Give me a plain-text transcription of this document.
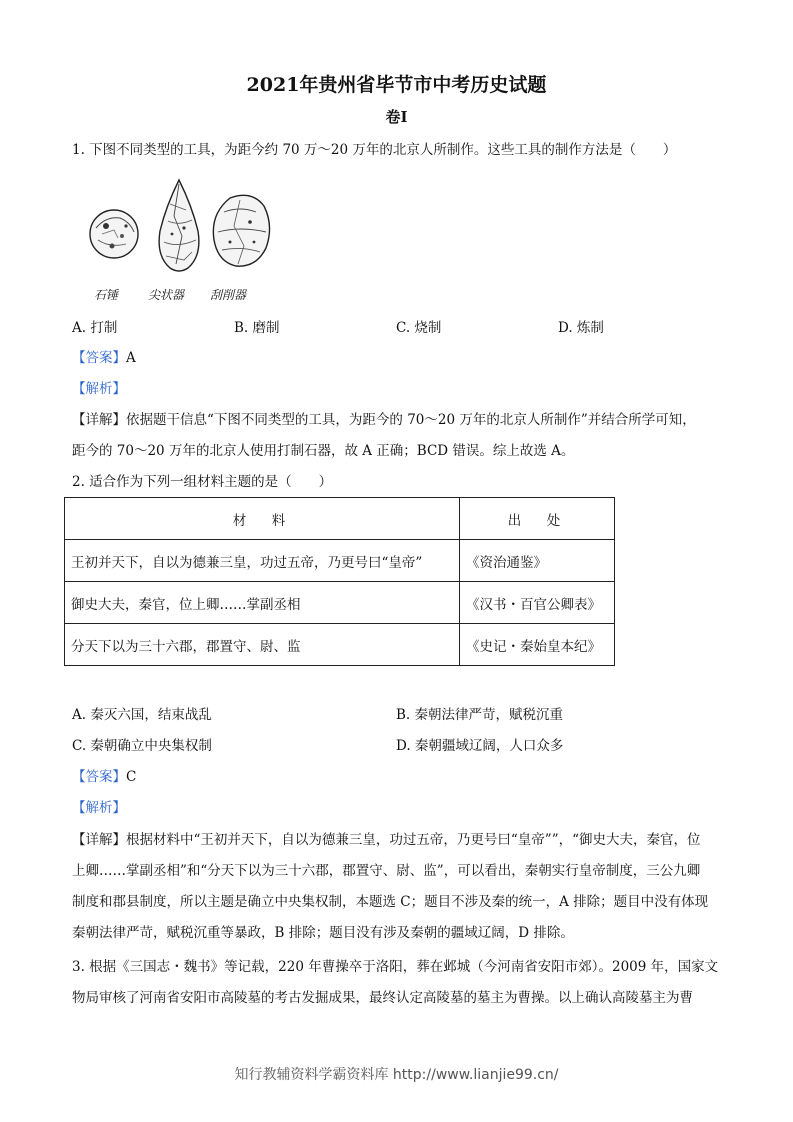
2021年贵州省毕节市中考历史试题
卷I
1. 下图不同类型的工具，为距今约 70 万～20 万年的北京人所制作。这些工具的制作方法是（　　）
石锤 尖状器 刮削器
A. 打制	B. 磨制	C. 烧制	D. 炼制
【答案】A
【解析】
【详解】依据题干信息“下图不同类型的工具，为距今的 70～20 万年的北京人所制作”并结合所学可知，
距今的 70～20 万年的北京人使用打制石器，故 A 正确；BCD 错误。综上故选 A。
2. 适合作为下列一组材料主题的是（　　）
材　料	出　处
王初并天下，自以为德兼三皇，功过五帝，乃更号曰“皇帝”	《资治通鉴》
御史大夫，秦官，位上卿……掌副丞相	《汉书・百官公卿表》
分天下以为三十六郡，郡置守、尉、监	《史记・秦始皇本纪》
A. 秦灭六国，结束战乱	B. 秦朝法律严苛，赋税沉重
C. 秦朝确立中央集权制	D. 秦朝疆域辽阔，人口众多
【答案】C
【解析】
【详解】根据材料中“王初并天下，自以为德兼三皇，功过五帝，乃更号曰“皇帝””，“御史大夫，秦官，位
上卿……掌副丞相”和“分天下以为三十六郡，郡置守、尉、监”，可以看出，秦朝实行皇帝制度，三公九卿
制度和郡县制度，所以主题是确立中央集权制，本题选 C；题目不涉及秦的统一，A 排除；题目中没有体现
秦朝法律严苛，赋税沉重等暴政，B 排除；题目没有涉及秦朝的疆域辽阔，D 排除。
3. 根据《三国志・魏书》等记载，220 年曹操卒于洛阳，葬在邺城（今河南省安阳市郊）。2009 年，国家文
物局审核了河南省安阳市高陵墓的考古发掘成果，最终认定高陵墓的墓主为曹操。以上确认高陵墓主为曹
知行教辅资料学霸资料库 http://www.lianjie99.cn/
